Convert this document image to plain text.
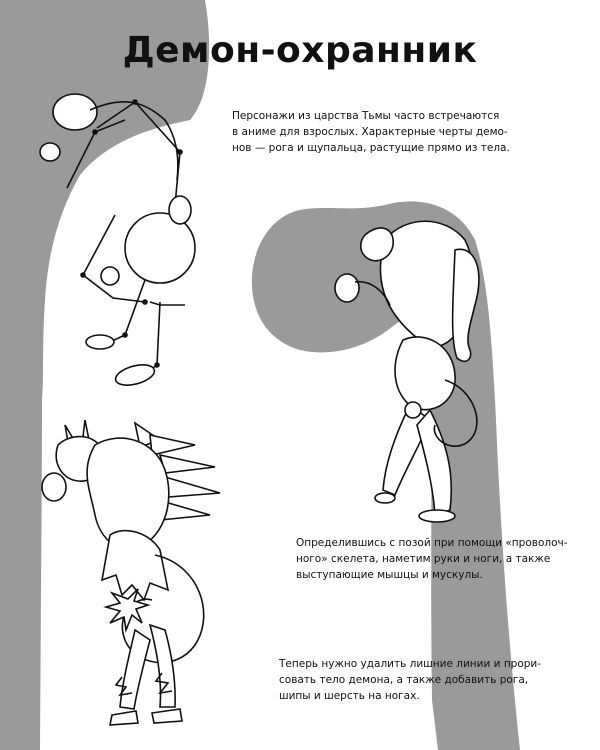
Демон-охранник

Персонажи из царства Тьмы часто встречаются
в аниме для взрослых. Характерные черты демо-
нов — рога и щупальца, растущие прямо из тела.

Определившись с позой при помощи «проволоч-
ного» скелета, наметим руки и ноги, а также
выступающие мышцы и мускулы.

Теперь нужно удалить лишние линии и прори-
совать тело демона, а также добавить рога,
шипы и шерсть на ногах.
